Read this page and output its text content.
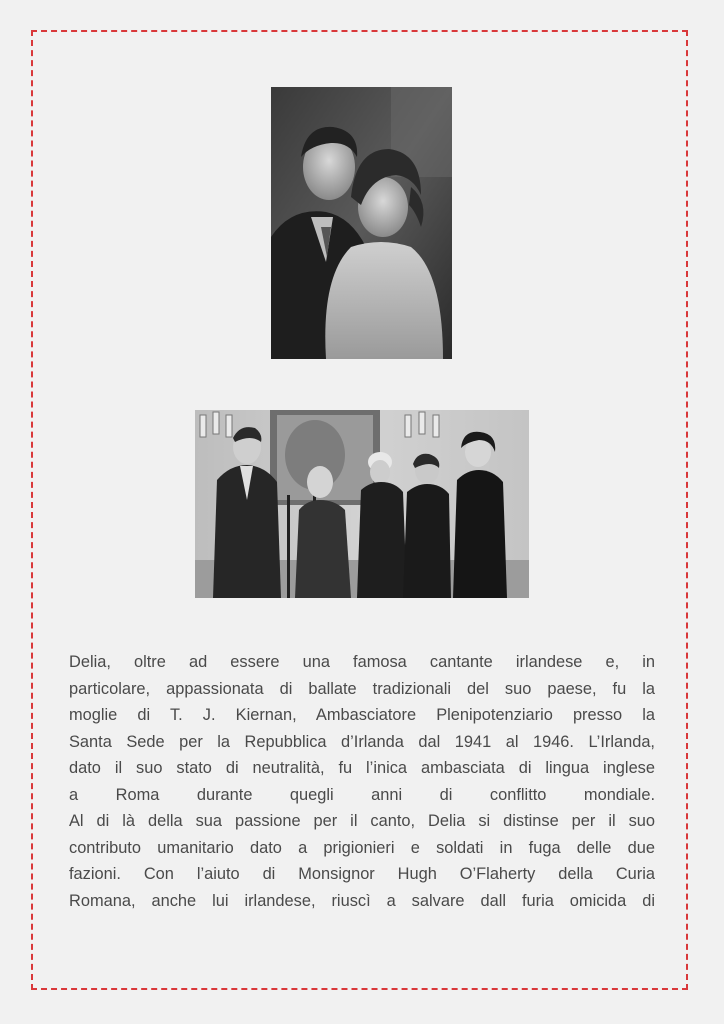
Delia, oltre ad essere una famosa cantante irlandese e, in
particolare, appassionata di ballate tradizionali del suo paese, fu la
moglie di T. J. Kiernan, Ambasciatore Plenipotenziario presso la
Santa Sede per la Repubblica d’Irlanda dal 1941 al 1946. L’Irlanda,
dato il suo stato di neutralità, fu l’inica ambasciata di lingua inglese
a Roma durante quegli anni di conflitto mondiale.
Al di là della sua passione per il canto, Delia si distinse per il suo
contributo umanitario dato a prigionieri e soldati in fuga delle due
fazioni. Con l’aiuto di Monsignor Hugh O’Flaherty della Curia
Romana, anche lui irlandese, riuscì a salvare dall furia omicida di
